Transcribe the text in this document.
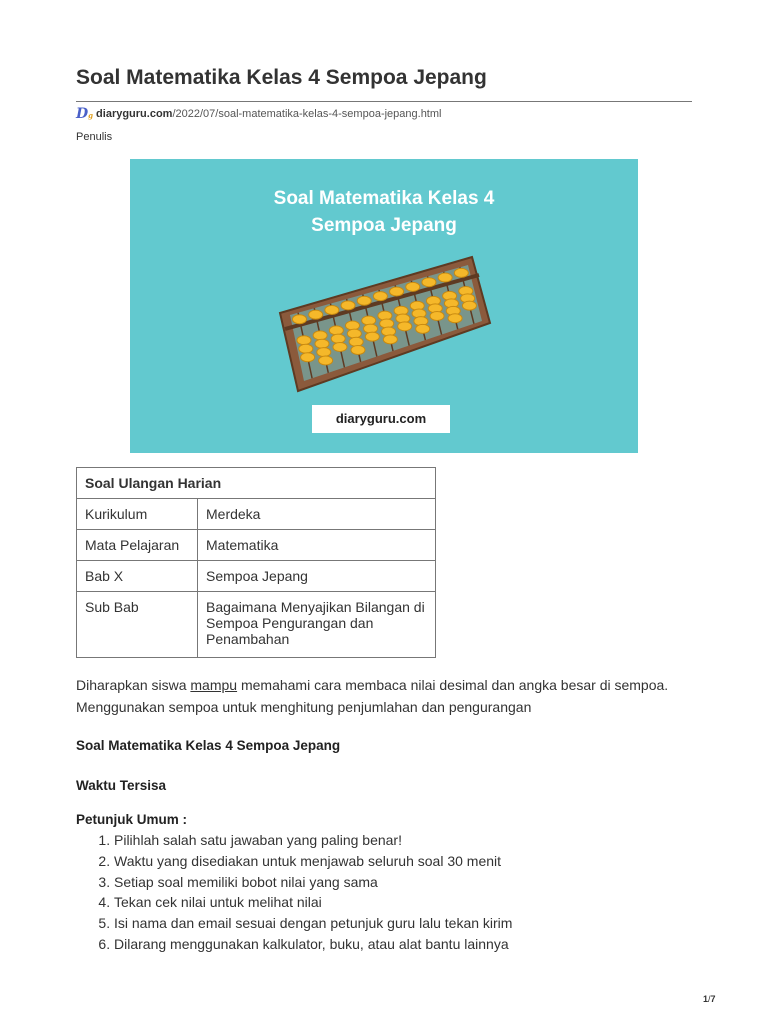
Soal Matematika Kelas 4 Sempoa Jepang
Dg diaryguru.com /2022/07/soal-matematika-kelas-4-sempoa-jepang.html
Penulis
Soal Matematika Kelas 4
Sempoa Jepang
diaryguru.com
Soal Ulangan Harian	
Kurikulum	Merdeka
Mata Pelajaran	Matematika
Bab X	Sempoa Jepang
Sub Bab	Bagaimana Menyajikan Bilangan di Sempoa Pengurangan dan Penambahan
Diharapkan siswa mampu memahami cara membaca nilai desimal dan angka besar di sempoa. Menggunakan sempoa untuk menghitung penjumlahan dan pengurangan
Soal Matematika Kelas 4 Sempoa Jepang
Waktu Tersisa
Petunjuk Umum :
1. Pilihlah salah satu jawaban yang paling benar!
2. Waktu yang disediakan untuk menjawab seluruh soal 30 menit
3. Setiap soal memiliki bobot nilai yang sama
4. Tekan cek nilai untuk melihat nilai
5. Isi nama dan email sesuai dengan petunjuk guru lalu tekan kirim
6. Dilarang menggunakan kalkulator, buku, atau alat bantu lainnya
1/7
